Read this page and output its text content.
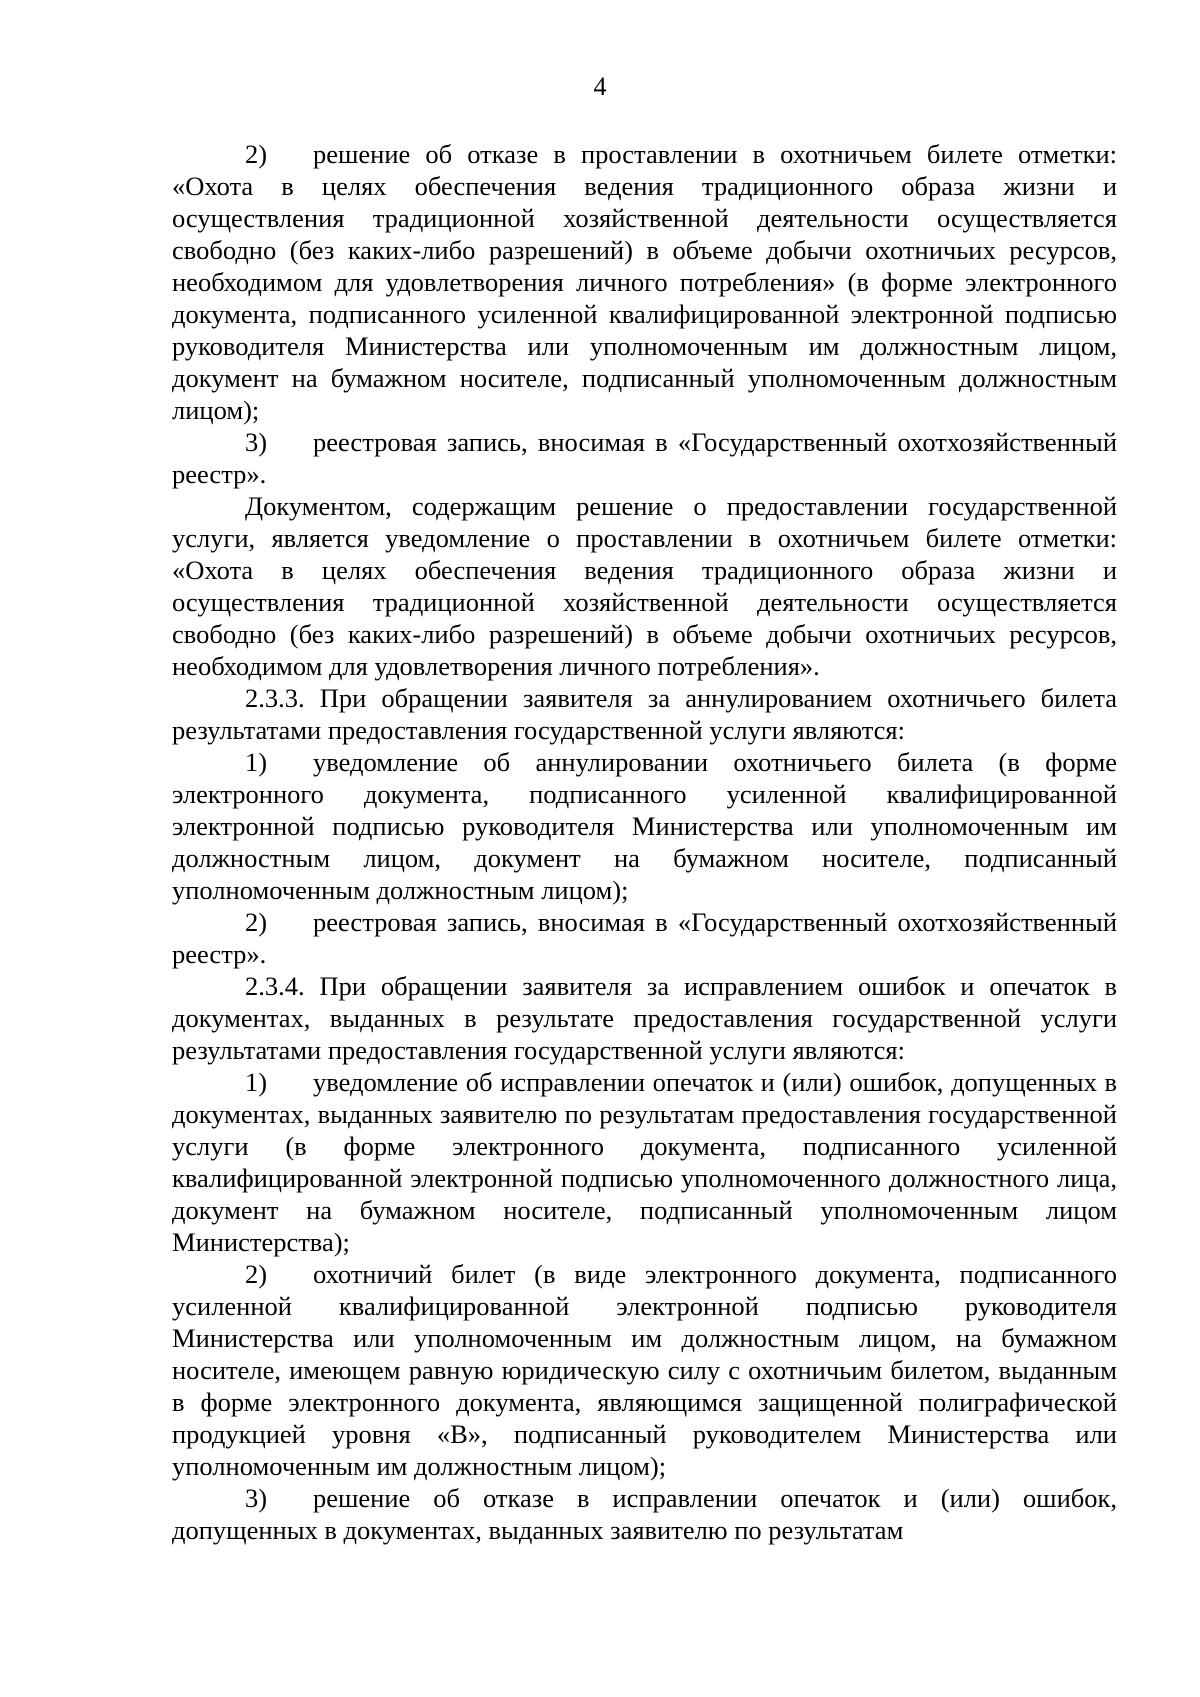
4

2) решение об отказе в проставлении в охотничьем билете отметки: «Охота в целях обеспечения ведения традиционного образа жизни и осуществления традиционной хозяйственной деятельности осуществляется свободно (без каких-либо разрешений) в объеме добычи охотничьих ресурсов, необходимом для удовлетворения личного потребления» (в форме электронного документа, подписанного усиленной квалифицированной электронной подписью руководителя Министерства или уполномоченным им должностным лицом, документ на бумажном носителе, подписанный уполномоченным должностным лицом);

3) реестровая запись, вносимая в «Государственный охотхозяйственный реестр».

Документом, содержащим решение о предоставлении государственной услуги, является уведомление о проставлении в охотничьем билете отметки: «Охота в целях обеспечения ведения традиционного образа жизни и осуществления традиционной хозяйственной деятельности осуществляется свободно (без каких-либо разрешений) в объеме добычи охотничьих ресурсов, необходимом для удовлетворения личного потребления».

2.3.3. При обращении заявителя за аннулированием охотничьего билета результатами предоставления государственной услуги являются:

1) уведомление об аннулировании охотничьего билета (в форме электронного документа, подписанного усиленной квалифицированной электронной подписью руководителя Министерства или уполномоченным им должностным лицом, документ на бумажном носителе, подписанный уполномоченным должностным лицом);

2) реестровая запись, вносимая в «Государственный охотхозяйственный реестр».

2.3.4. При обращении заявителя за исправлением ошибок и опечаток в документах, выданных в результате предоставления государственной услуги результатами предоставления государственной услуги являются:

1) уведомление об исправлении опечаток и (или) ошибок, допущенных в документах, выданных заявителю по результатам предоставления государственной услуги (в форме электронного документа, подписанного усиленной квалифицированной электронной подписью уполномоченного должностного лица, документ на бумажном носителе, подписанный уполномоченным лицом Министерства);

2) охотничий билет (в виде электронного документа, подписанного усиленной квалифицированной электронной подписью руководителя Министерства или уполномоченным им должностным лицом, на бумажном носителе, имеющем равную юридическую силу с охотничьим билетом, выданным в форме электронного документа, являющимся защищенной полиграфической продукцией уровня «В», подписанный руководителем Министерства или уполномоченным им должностным лицом);

3) решение об отказе в исправлении опечаток и (или) ошибок, допущенных в документах, выданных заявителю по результатам
